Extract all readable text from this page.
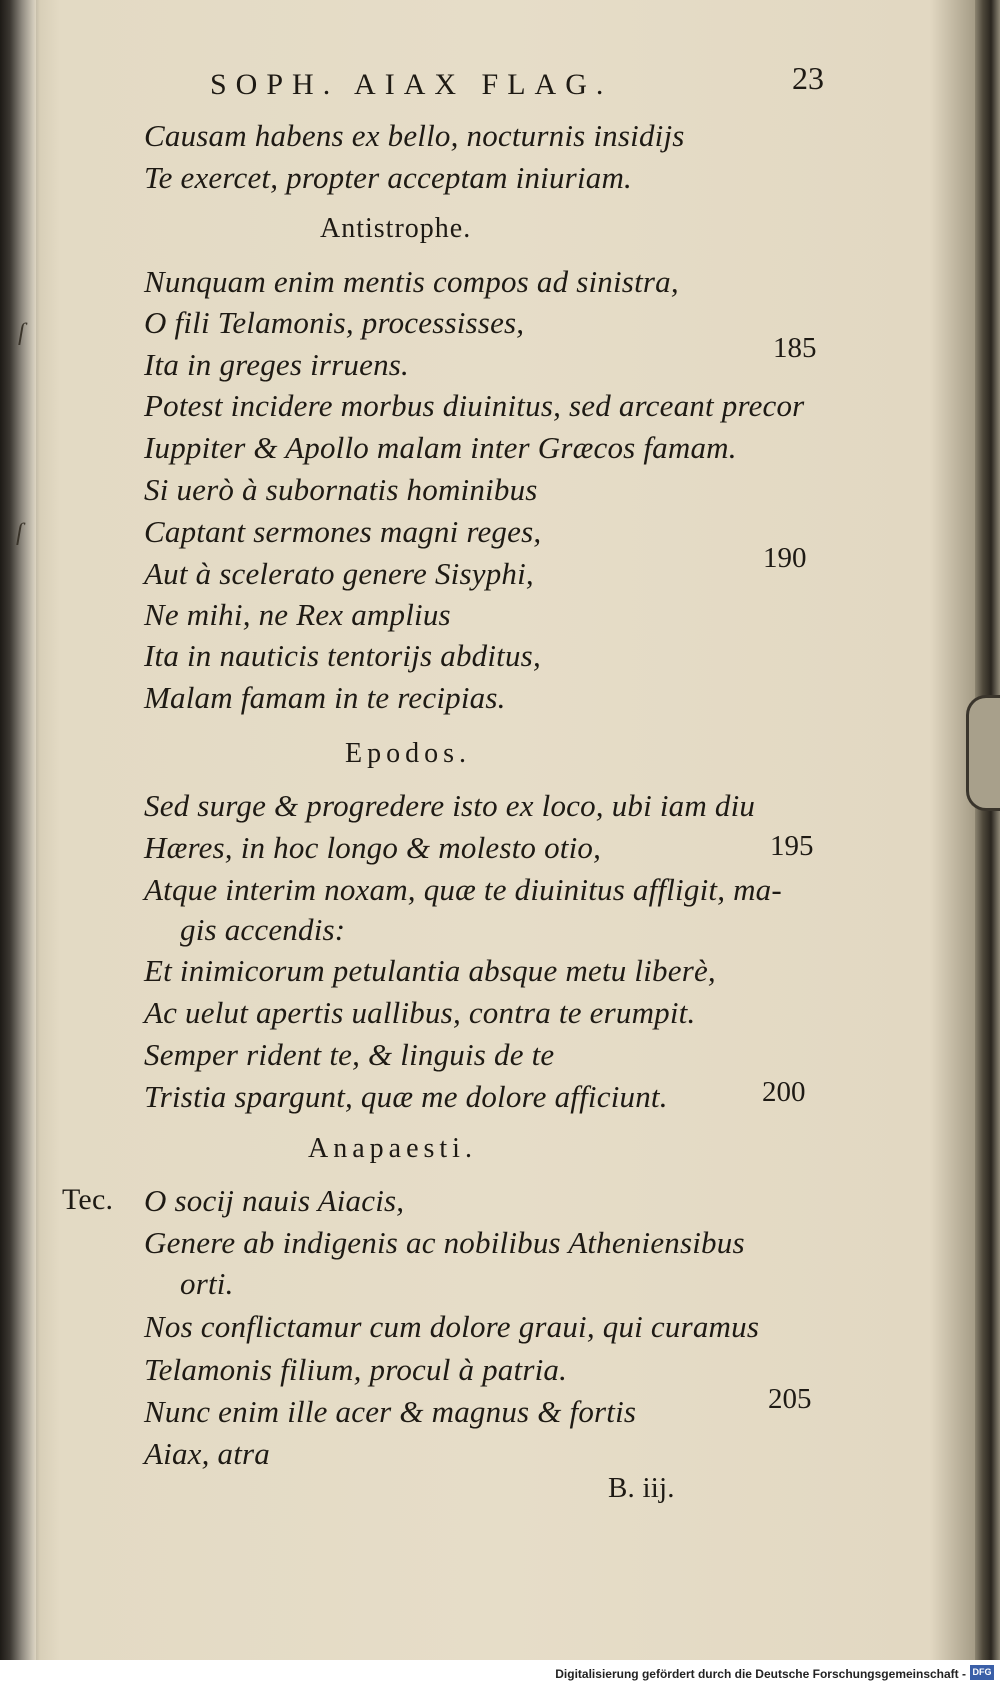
ſ
ſ
SOPH. AIAX FLAG.	23
Causam habens ex bello, nocturnis insidijs
Te exercet, propter acceptam iniuriam.
Antistrophe.
Nunquam enim mentis compos ad sinistra,
O fili Telamonis, processisses,
Ita in greges irruens.	185
Potest incidere morbus diuinitus, sed arceant precor
Iuppiter & Apollo malam inter Græcos famam.
Si uerò à subornatis hominibus
Captant sermones magni reges,
Aut à scelerato genere Sisyphi,	190
Ne mihi, ne Rex amplius
Ita in nauticis tentorijs abditus,
Malam famam in te recipias.
Epodos.
Sed surge & progredere isto ex loco, ubi iam diu
Hæres, in hoc longo & molesto otio,	195
Atque interim noxam, quæ te diuinitus affligit, ma-
gis accendis:
Et inimicorum petulantia absque metu liberè,
Ac uelut apertis uallibus, contra te erumpit.
Semper rident te, & linguis de te
Tristia spargunt, quæ me dolore afficiunt.	200
Anapaesti.
Tec. O socij nauis Aiacis,
Genere ab indigenis ac nobilibus Atheniensibus
orti.
Nos conflictamur cum dolore graui, qui curamus
Telamonis filium, procul à patria.
Nunc enim ille acer & magnus & fortis	205
Aiax, atra
B. iij.
Digitalisierung gefördert durch die Deutsche Forschungsgemeinschaft - DFG
